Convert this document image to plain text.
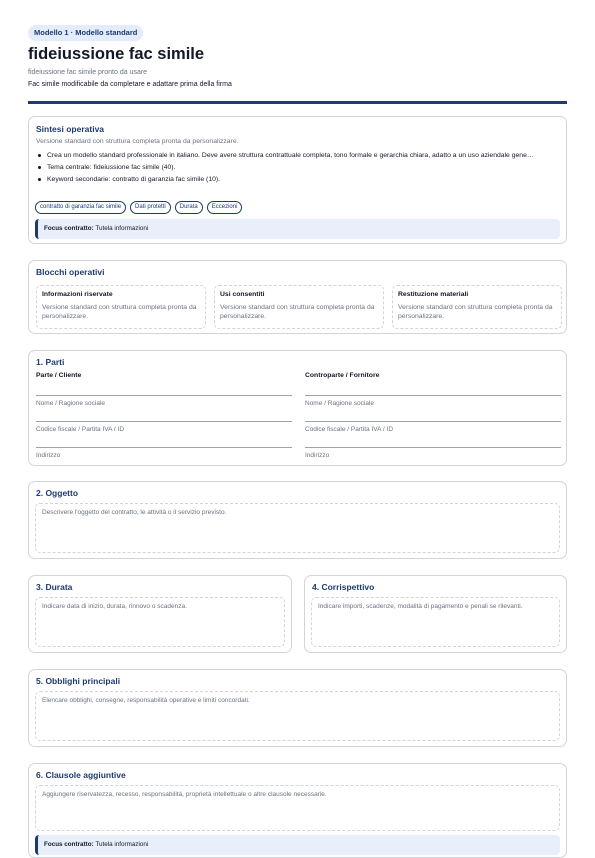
Modello 1 · Modello standard
fideiussione fac simile
fideiussione fac simile pronto da usare
Fac simile modificabile da completare e adattare prima della firma
Sintesi operativa
Versione standard con struttura completa pronta da personalizzare.
Crea un modello standard professionale in italiano. Deve avere struttura contrattuale completa, tono formale e gerarchia chiara, adatto a un uso aziendale gene…
Tema centrale: fideiussione fac simile (40).
Keyword secondarie: contratto di garanzia fac simile (10).
contratto di garanzia fac simile	Dati protetti	Durata	Eccezioni
Focus contratto: Tutela informazioni
Blocchi operativi
Informazioni riservate
Versione standard con struttura completa pronta da personalizzare.
Usi consentiti
Versione standard con struttura completa pronta da personalizzare.
Restituzione materiali
Versione standard con struttura completa pronta da personalizzare.
1. Parti
Parte / Cliente
Nome / Ragione sociale
Codice fiscale / Partita IVA / ID
Indirizzo
Controparte / Fornitore
Nome / Ragione sociale
Codice fiscale / Partita IVA / ID
Indirizzo
2. Oggetto
Descrivere l'oggetto del contratto, le attività o il servizio previsto.
3. Durata
Indicare data di inizio, durata, rinnovo o scadenza.
4. Corrispettivo
Indicare importi, scadenze, modalità di pagamento e penali se rilevanti.
5. Obblighi principali
Elencare obblighi, consegne, responsabilità operative e limiti concordati.
6. Clausole aggiuntive
Aggiungere riservatezza, recesso, responsabilità, proprietà intellettuale o altre clausole necessarie.
Focus contratto: Tutela informazioni
